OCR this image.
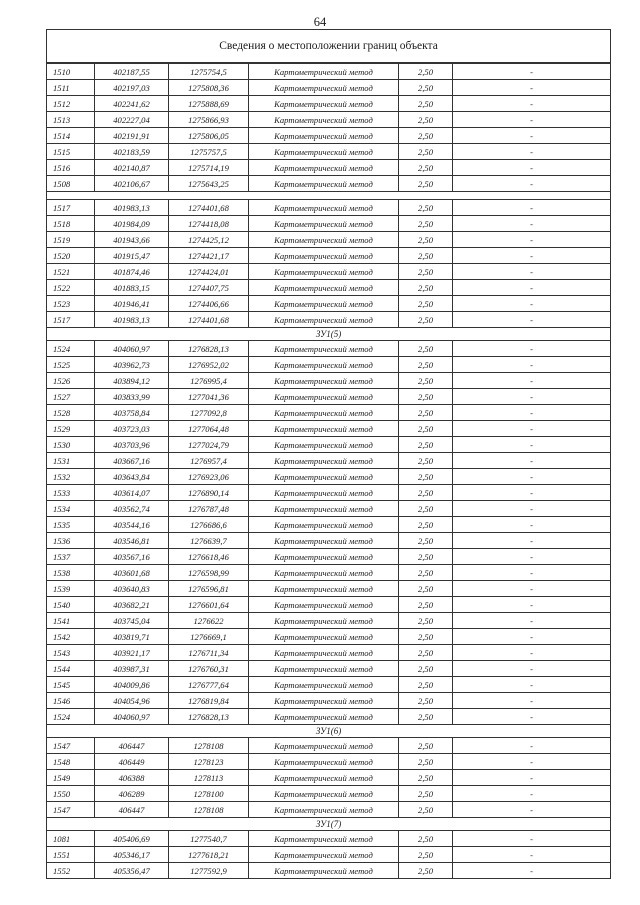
64
Сведения о местоположении границ объекта					
1510	402187,55	1275754,5	Картометрический метод	2,50	-
1511	402197,03	1275808,36	Картометрический метод	2,50	-
1512	402241,62	1275888,69	Картометрический метод	2,50	-
1513	402227,04	1275866,93	Картометрический метод	2,50	-
1514	402191,91	1275806,05	Картометрический метод	2,50	-
1515	402183,59	1275757,5	Картометрический метод	2,50	-
1516	402140,87	1275714,19	Картометрический метод	2,50	-
1508	402106,67	1275643,25	Картометрический метод	2,50	-

1517	401983,13	1274401,68	Картометрический метод	2,50	-
1518	401984,09	1274418,08	Картометрический метод	2,50	-
1519	401943,66	1274425,12	Картометрический метод	2,50	-
1520	401915,47	1274421,17	Картометрический метод	2,50	-
1521	401874,46	1274424,01	Картометрический метод	2,50	-
1522	401883,15	1274407,75	Картометрический метод	2,50	-
1523	401946,41	1274406,66	Картометрический метод	2,50	-
1517	401983,13	1274401,68	Картометрический метод	2,50	-
ЗУ1(5)					
1524	404060,97	1276828,13	Картометрический метод	2,50	-
1525	403962,73	1276952,02	Картометрический метод	2,50	-
1526	403894,12	1276995,4	Картометрический метод	2,50	-
1527	403833,99	1277041,36	Картометрический метод	2,50	-
1528	403758,84	1277092,8	Картометрический метод	2,50	-
1529	403723,03	1277064,48	Картометрический метод	2,50	-
1530	403703,96	1277024,79	Картометрический метод	2,50	-
1531	403667,16	1276957,4	Картометрический метод	2,50	-
1532	403643,84	1276923,06	Картометрический метод	2,50	-
1533	403614,07	1276890,14	Картометрический метод	2,50	-
1534	403562,74	1276787,48	Картометрический метод	2,50	-
1535	403544,16	1276686,6	Картометрический метод	2,50	-
1536	403546,81	1276639,7	Картометрический метод	2,50	-
1537	403567,16	1276618,46	Картометрический метод	2,50	-
1538	403601,68	1276598,99	Картометрический метод	2,50	-
1539	403640,83	1276596,81	Картометрический метод	2,50	-
1540	403682,21	1276601,64	Картометрический метод	2,50	-
1541	403745,04	1276622	Картометрический метод	2,50	-
1542	403819,71	1276669,1	Картометрический метод	2,50	-
1543	403921,17	1276711,34	Картометрический метод	2,50	-
1544	403987,31	1276760,31	Картометрический метод	2,50	-
1545	404009,86	1276777,64	Картометрический метод	2,50	-
1546	404054,96	1276819,84	Картометрический метод	2,50	-
1524	404060,97	1276828,13	Картометрический метод	2,50	-
ЗУ1(6)					
1547	406447	1278108	Картометрический метод	2,50	-
1548	406449	1278123	Картометрический метод	2,50	-
1549	406388	1278113	Картометрический метод	2,50	-
1550	406289	1278100	Картометрический метод	2,50	-
1547	406447	1278108	Картометрический метод	2,50	-
ЗУ1(7)					
1081	405406,69	1277540,7	Картометрический метод	2,50	-
1551	405346,17	1277618,21	Картометрический метод	2,50	-
1552	405356,47	1277592,9	Картометрический метод	2,50	-
